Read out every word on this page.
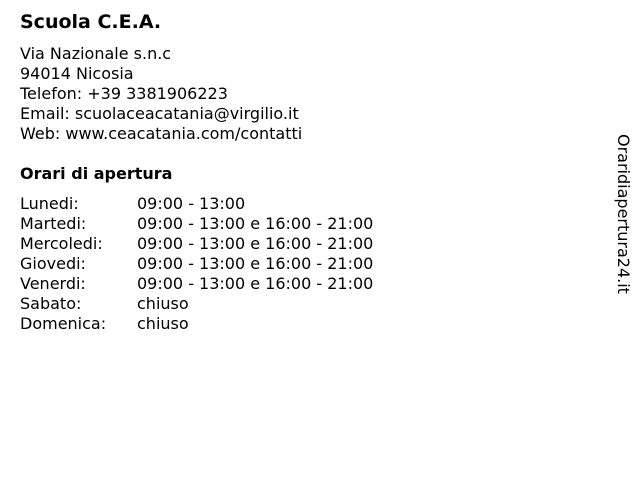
Scuola C.E.A.
Via Nazionale s.n.c
94014 Nicosia
Telefon: +39 3381906223
Email: scuolaceacatania@virgilio.it
Web: www.ceacatania.com/contatti
Orari di apertura
Lunedi:	09:00 - 13:00
Martedi:	09:00 - 13:00 e 16:00 - 21:00
Mercoledi: 09:00 - 13:00 e 16:00 - 21:00
Giovedi:	09:00 - 13:00 e 16:00 - 21:00
Venerdi:	09:00 - 13:00 e 16:00 - 21:00
Sabato:	chiuso
Domenica: chiuso
Oraridiapertura24.it
